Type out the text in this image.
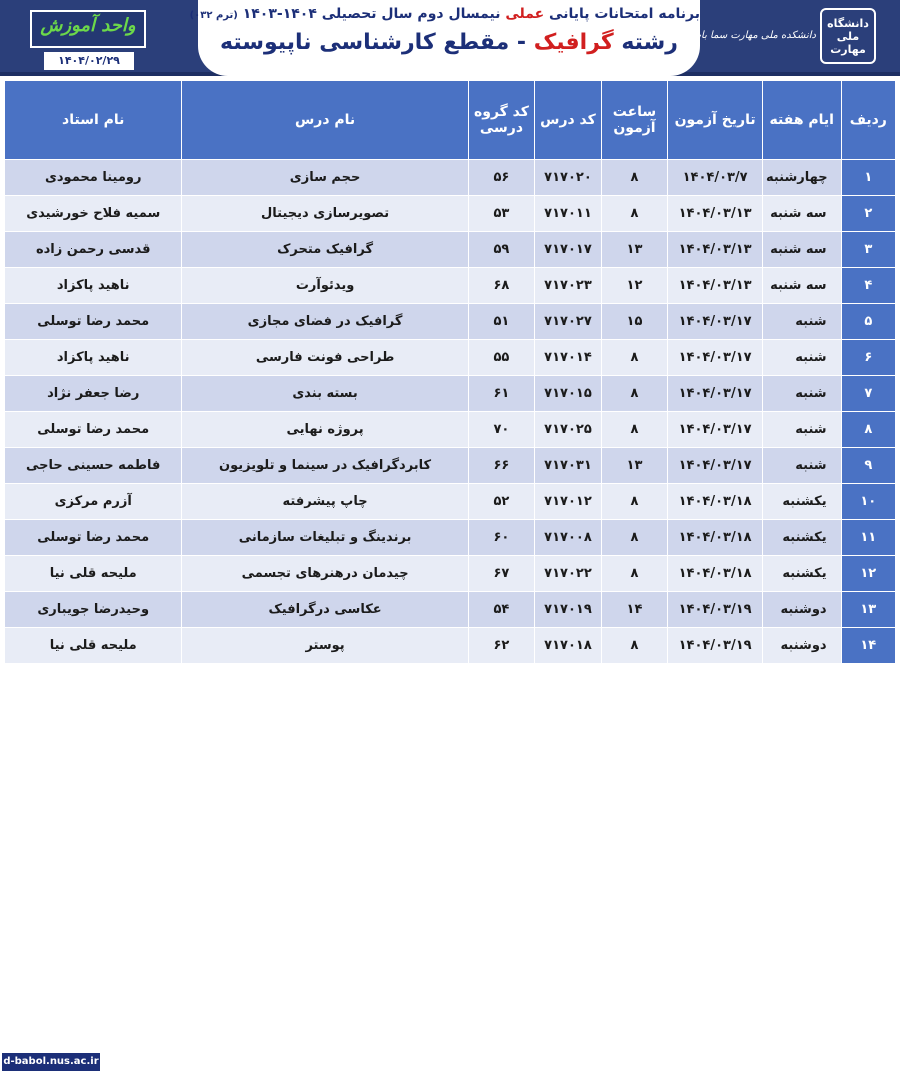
برنامه امتحانات پایانی عملی نیمسال دوم سال تحصیلی ۱۴۰۴-۱۴۰۳ (ترم ۰۳۲)
رشته گرافیک - مقطع کارشناسی ناپیوسته
واحد آموزش
۱۴۰۴/۰۲/۲۹
دانشگاه ملی مهارت
دانشکده ملی مهارت سما باب
ردیف	ایام هفته	تاریخ آزمون	ساعت آزمون	کد درس	کد گروه درسی	نام درس	نام استاد
۱	چهارشنبه	۱۴۰۴/۰۳/۷	۸	۷۱۷۰۲۰	۵۶	حجم سازی	رومینا محمودی
۲	سه شنبه	۱۴۰۴/۰۳/۱۳	۸	۷۱۷۰۱۱	۵۳	تصویرسازی دیجیتال	سمیه فلاح خورشیدی
۳	سه شنبه	۱۴۰۴/۰۳/۱۳	۱۳	۷۱۷۰۱۷	۵۹	گرافیک متحرک	قدسی رحمن زاده
۴	سه شنبه	۱۴۰۴/۰۳/۱۳	۱۲	۷۱۷۰۲۳	۶۸	ویدئوآرت	ناهید پاکزاد
۵	شنبه	۱۴۰۴/۰۳/۱۷	۱۵	۷۱۷۰۲۷	۵۱	گرافیک در فضای مجازی	محمد رضا توسلی
۶	شنبه	۱۴۰۴/۰۳/۱۷	۸	۷۱۷۰۱۴	۵۵	طراحی فونت فارسی	ناهید پاکزاد
۷	شنبه	۱۴۰۴/۰۳/۱۷	۸	۷۱۷۰۱۵	۶۱	بسته بندی	رضا جعفر نژاد
۸	شنبه	۱۴۰۴/۰۳/۱۷	۸	۷۱۷۰۲۵	۷۰	پروژه نهایی	محمد رضا توسلی
۹	شنبه	۱۴۰۴/۰۳/۱۷	۱۳	۷۱۷۰۳۱	۶۶	کابردگرافیک در سینما و تلویزیون	فاطمه حسینی حاجی
۱۰	یکشنبه	۱۴۰۴/۰۳/۱۸	۸	۷۱۷۰۱۲	۵۲	چاپ پیشرفته	آزرم مرکزی
۱۱	یکشنبه	۱۴۰۴/۰۳/۱۸	۸	۷۱۷۰۰۸	۶۰	برندینگ و تبلیغات سازمانی	محمد رضا توسلی
۱۲	یکشنبه	۱۴۰۴/۰۳/۱۸	۸	۷۱۷۰۲۲	۶۷	چیدمان درهنرهای تجسمی	ملیحه قلی نیا
۱۳	دوشنبه	۱۴۰۴/۰۳/۱۹	۱۴	۷۱۷۰۱۹	۵۴	عکاسی درگرافیک	وحیدرضا جویباری
۱۴	دوشنبه	۱۴۰۴/۰۳/۱۹	۸	۷۱۷۰۱۸	۶۲	پوستر	ملیحه قلی نیا
d-babol.nus.ac.ir
